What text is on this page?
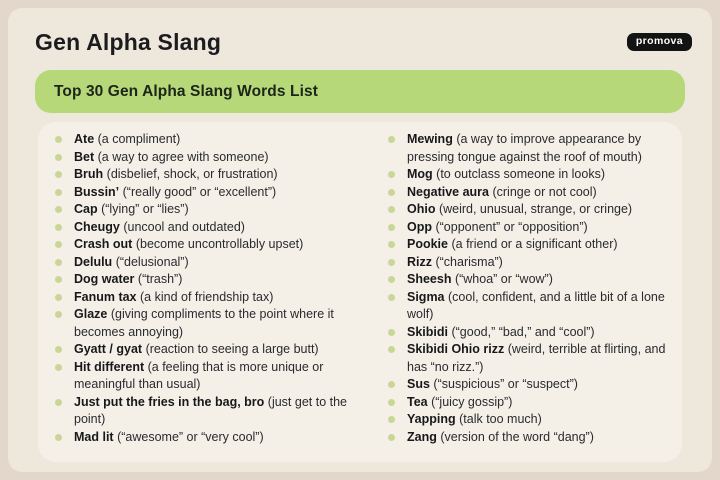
Gen Alpha Slang	promova
Top 30 Gen Alpha Slang Words List

Ate (a compliment)

Bet (a way to agree with someone)

Bruh (disbelief, shock, or frustration)

Bussin’ (“really good” or “excellent”)

Cap (“lying” or “lies”)

Cheugy (uncool and outdated)

Crash out (become uncontrollably upset)

Delulu (“delusional”)

Dog water (“trash”)

Fanum tax (a kind of friendship tax)

Glaze (giving compliments to the point where it becomes annoying)

Gyatt / gyat (reaction to seeing a large butt)

Hit different (a feeling that is more unique or meaningful than usual)

Just put the fries in the bag, bro (just get to the point)

Mad lit (“awesome” or “very cool”)

Mewing (a way to improve appearance by pressing tongue against the roof of mouth)

Mog (to outclass someone in looks)

Negative aura (cringe or not cool)

Ohio (weird, unusual, strange, or cringe)

Opp (“opponent” or “opposition”)

Pookie (a friend or a significant other)

Rizz (“charisma”)

Sheesh (“whoa” or “wow”)

Sigma (cool, confident, and a little bit of a lone wolf)

Skibidi (“good,” “bad,” and “cool”)

Skibidi Ohio rizz (weird, terrible at flirting, and has “no rizz.”)

Sus (“suspicious” or “suspect”)

Tea (“juicy gossip”)

Yapping (talk too much)

Zang (version of the word “dang”)
